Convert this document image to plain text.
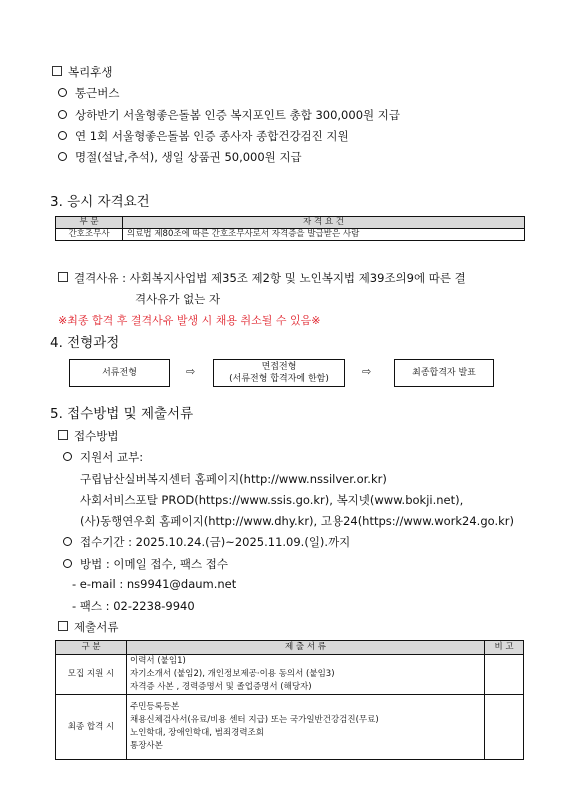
복리후생
통근버스
상하반기 서울형좋은돌봄 인증 복지포인트 총합 300,000원 지급
연 1회 서울형좋은돌봄 인증 종사자 종합건강검진 지원
명절(설날,추석), 생일 상품권 50,000원 지급
3. 응시 자격요건
부 문	자 격 요 건
간호조무사	의료법 제80조에 따른 간호조무사로서 자격증을 발급받은 사람
결격사유 : 사회복지사업법 제35조 제2항 및 노인복지법 제39조의9에 따른 결
격사유가 없는 자
※최종 합격 후 결격사유 발생 시 채용 취소될 수 있음※
4. 전형과정
서류전형	⇨	면접전형
(서류전형 합격자에 한함)
⇨	최종합격자 발표
5. 접수방법 및 제출서류
접수방법
지원서 교부:
구립남산실버복지센터 홈페이지(http://www.nssilver.or.kr)
사회서비스포탈 PROD(https://www.ssis.go.kr), 복지넷(www.bokji.net),
(사)동행연우회 홈페이지(http://www.dhy.kr), 고용24(https://www.work24.go.kr)
접수기간 : 2025.10.24.(금)~2025.11.09.(일).까지
방법 : 이메일 접수, 팩스 접수
- e-mail : ns9941@daum.net
- 팩스 : 02-2238-9940
제출서류
구 분	제 출 서 류	비 고
모집 지원 시	이력서 (붙임1)
자기소개서 (붙임2), 개인정보제공·이용 동의서 (붙임3)
자격증 사본 , 경력증명서 및 졸업증명서 (해당자)	
최종 합격 시	주민등록등본
채용신체검사서(유료/비용 센터 지급) 또는 국가일반건강검진(무료)
노인학대, 장애인학대, 범죄경력조회
통장사본	
